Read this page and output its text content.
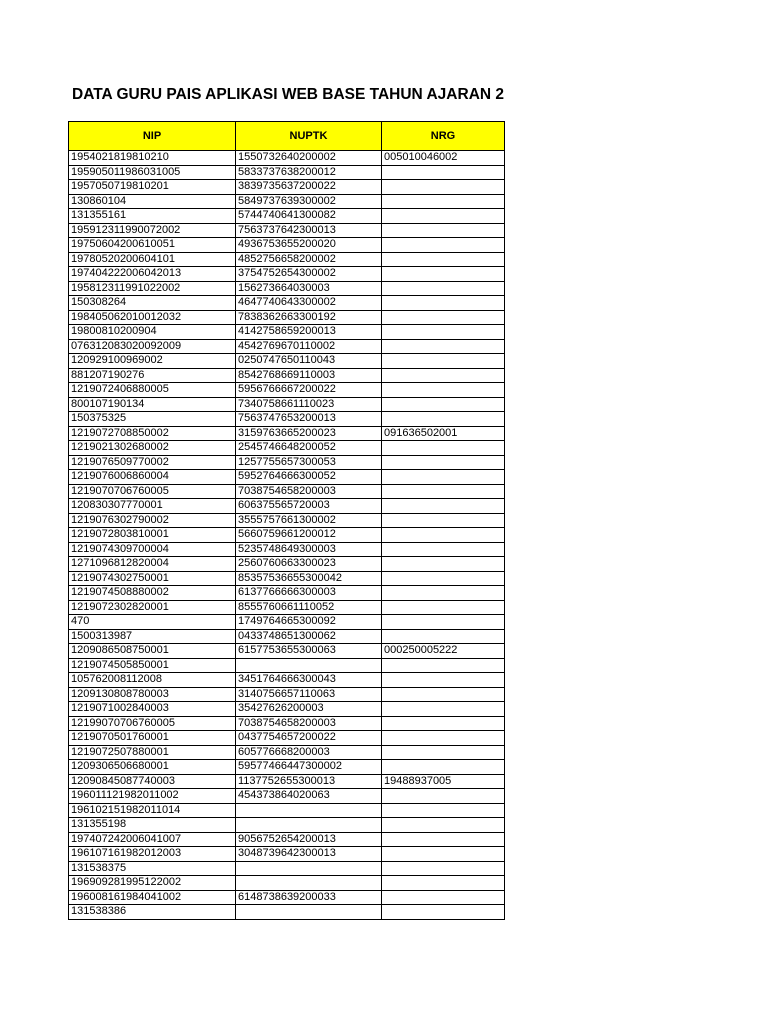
DATA GURU PAIS APLIKASI WEB BASE TAHUN AJARAN 2
NIP	NUPTK	NRG
1954021819810210	1550732640200002	005010046002
195905011986031005	5833737638200012	
1957050719810201	3839735637200022	
130860104	5849737639300002	
131355161	5744740641300082	
195912311990072002	7563737642300013	
19750604200610051	4936753655200020	
19780520200604101	4852756658200002	
197404222006042013	3754752654300002	
195812311991022002	156273664030003	
150308264	4647740643300002	
198405062010012032	7838362663300192	
19800810200904	4142758659200013	
076312083020092009	4542769670110002	
120929100969002	0250747650110043	
881207190276	8542768669110003	
1219072406880005	5956766667200022	
800107190134	7340758661110023	
150375325	7563747653200013	
1219072708850002	3159763665200023	091636502001
1219021302680002	2545746648200052	
1219076509770002	1257755657300053	
1219076006860004	5952764666300052	
1219070706760005	7038754658200003	
120830307770001	606375565720003	
1219076302790002	3555757661300002	
1219072803810001	5660759661200012	
1219074309700004	5235748649300003	
1271096812820004	2560760663300023	
1219074302750001	85357536655300042	
1219074508880002	6137766666300003	
1219072302820001	8555760661110052	
470	1749764665300092	
1500313987	0433748651300062	
1209086508750001	6157753655300063	000250005222
1219074505850001		
105762008112008	3451764666300043	
1209130808780003	3140756657110063	
1219071002840003	35427626200003	
12199070706760005	7038754658200003	
1219070501760001	0437754657200022	
1219072507880001	605776668200003	
1209306506680001	59577466447300002	
12090845087740003	1137752655300013	19488937005
196011121982011002	454373864020063	
196102151982011014		
131355198		
197407242006041007	9056752654200013	
196107161982012003	3048739642300013	
131538375		
196909281995122002		
196008161984041002	6148738639200033	
131538386		
